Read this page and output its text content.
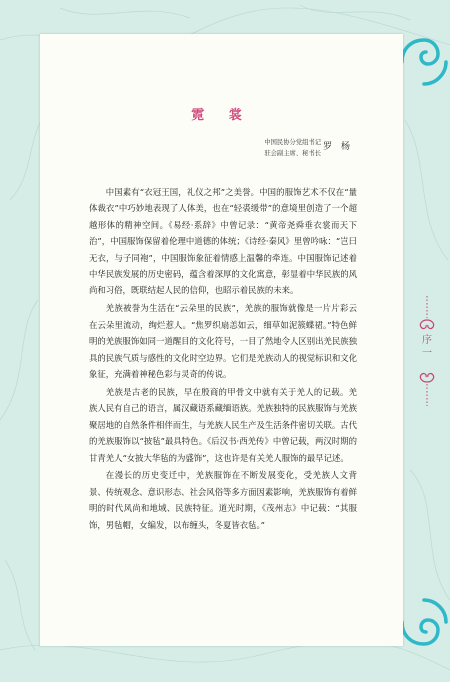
霓 裳
中国民协分党组书记
驻会副主席、秘书长
罗 杨

中国素有“衣冠王国，礼仪之邦”之美誉。中国的服饰艺术不仅在“量体裁衣”中巧妙地表现了人体美，也在“轻裘缓带”的意境里创造了一个超越形体的精神空间。《易经·系辞》中曾记录：“黄帝尧舜垂衣裳而天下治”，中国服饰保留着伦理中道德的体统；《诗经·秦风》里曾吟咏：“岂曰无衣，与子同袍”，中国服饰象征着情感上温馨的牵连。中国服饰记述着中华民族发展的历史密码，蕴含着深厚的文化寓意，彰显着中华民族的风尚和习俗，既联结起人民的信仰，也昭示着民族的未来。

羌族被誉为生活在“云朵里的民族”，羌族的服饰就像是一片片彩云在云朵里流动，绚烂惹人。“焦罗织扇恙如云，细草如泥簇蝶裙。”特色鲜明的羌族服饰如同一道醒目的文化符号，一目了然地令人区别出羌民族独具的民族气质与感性的文化时空边界。它们是羌族动人的视觉标识和文化象征，充满着神秘色彩与灵奇的传说。

羌族是古老的民族，早在殷商的甲骨文中就有关于羌人的记载。羌族人民有自己的语言，属汉藏语系藏缅语族。羌族独特的民族服饰与羌族聚居地的自然条件相伴而生，与羌族人民生产及生活条件密切关联。古代的羌族服饰以“披毡”最具特色。《后汉书·西羌传》中曾记载，两汉时期的甘青羌人“女披大华毡的为盛饰”，这也许是有关羌人服饰的最早记述。

在漫长的历史变迁中，羌族服饰在不断发展变化，受羌族人文背景、传统观念、意识形态、社会风俗等多方面因素影响，羌族服饰有着鲜明的时代风尚和地域、民族特征。道光时期，《茂州志》中记载：“其服饰，男毡帽，女编发，以布缠头，冬夏皆衣毡。”

序一
